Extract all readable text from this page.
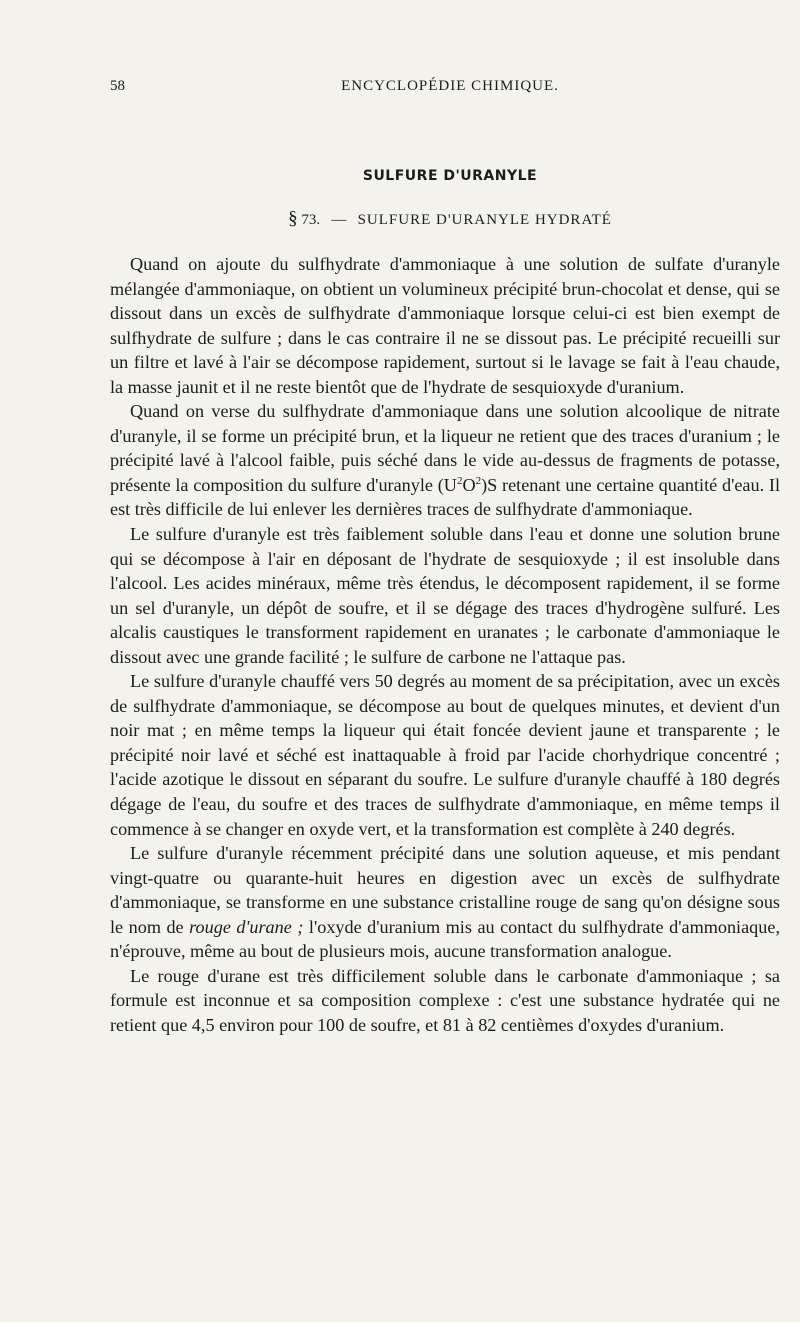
58	ENCYCLOPÉDIE CHIMIQUE.
SULFURE D'URANYLE
§ 73. — SULFURE D'URANYLE HYDRATÉ

Quand on ajoute du sulfhydrate d'ammoniaque à une solution de sulfate d'uranyle mélangée d'ammoniaque, on obtient un volumineux précipité brun-chocolat et dense, qui se dissout dans un excès de sulfhydrate d'ammoniaque lorsque celui-ci est bien exempt de sulfhydrate de sulfure ; dans le cas contraire il ne se dissout pas. Le précipité recueilli sur un filtre et lavé à l'air se décompose rapidement, surtout si le lavage se fait à l'eau chaude, la masse jaunit et il ne reste bientôt que de l'hydrate de sesquioxyde d'uranium.

Quand on verse du sulfhydrate d'ammoniaque dans une solution alcoolique de nitrate d'uranyle, il se forme un précipité brun, et la liqueur ne retient que des traces d'uranium ; le précipité lavé à l'alcool faible, puis séché dans le vide au-dessus de fragments de potasse, présente la composition du sulfure d'uranyle $(U^2O^2)S$ retenant une certaine quantité d'eau. Il est très difficile de lui enlever les dernières traces de sulfhydrate d'ammoniaque.

Le sulfure d'uranyle est très faiblement soluble dans l'eau et donne une solution brune qui se décompose à l'air en déposant de l'hydrate de sesquioxyde ; il est insoluble dans l'alcool. Les acides minéraux, même très étendus, le décomposent rapidement, il se forme un sel d'uranyle, un dépôt de soufre, et il se dégage des traces d'hydrogène sulfuré. Les alcalis caustiques le transforment rapidement en uranates ; le carbonate d'ammoniaque le dissout avec une grande facilité ; le sulfure de carbone ne l'attaque pas.

Le sulfure d'uranyle chauffé vers 50 degrés au moment de sa précipitation, avec un excès de sulfhydrate d'ammoniaque, se décompose au bout de quelques minutes, et devient d'un noir mat ; en même temps la liqueur qui était foncée devient jaune et transparente ; le précipité noir lavé et séché est inattaquable à froid par l'acide chorhydrique concentré ; l'acide azotique le dissout en séparant du soufre. Le sulfure d'uranyle chauffé à 180 degrés dégage de l'eau, du soufre et des traces de sulfhydrate d'ammoniaque, en même temps il commence à se changer en oxyde vert, et la transformation est complète à 240 degrés.

Le sulfure d'uranyle récemment précipité dans une solution aqueuse, et mis pendant vingt-quatre ou quarante-huit heures en digestion avec un excès de sulfhydrate d'ammoniaque, se transforme en une substance cristalline rouge de sang qu'on désigne sous le nom de rouge d'urane ; l'oxyde d'uranium mis au contact du sulfhydrate d'ammoniaque, n'éprouve, même au bout de plusieurs mois, aucune transformation analogue.

Le rouge d'urane est très difficilement soluble dans le carbonate d'ammoniaque ; sa formule est inconnue et sa composition complexe : c'est une substance hydratée qui ne retient que 4,5 environ pour 100 de soufre, et 81 à 82 centièmes d'oxydes d'uranium.
